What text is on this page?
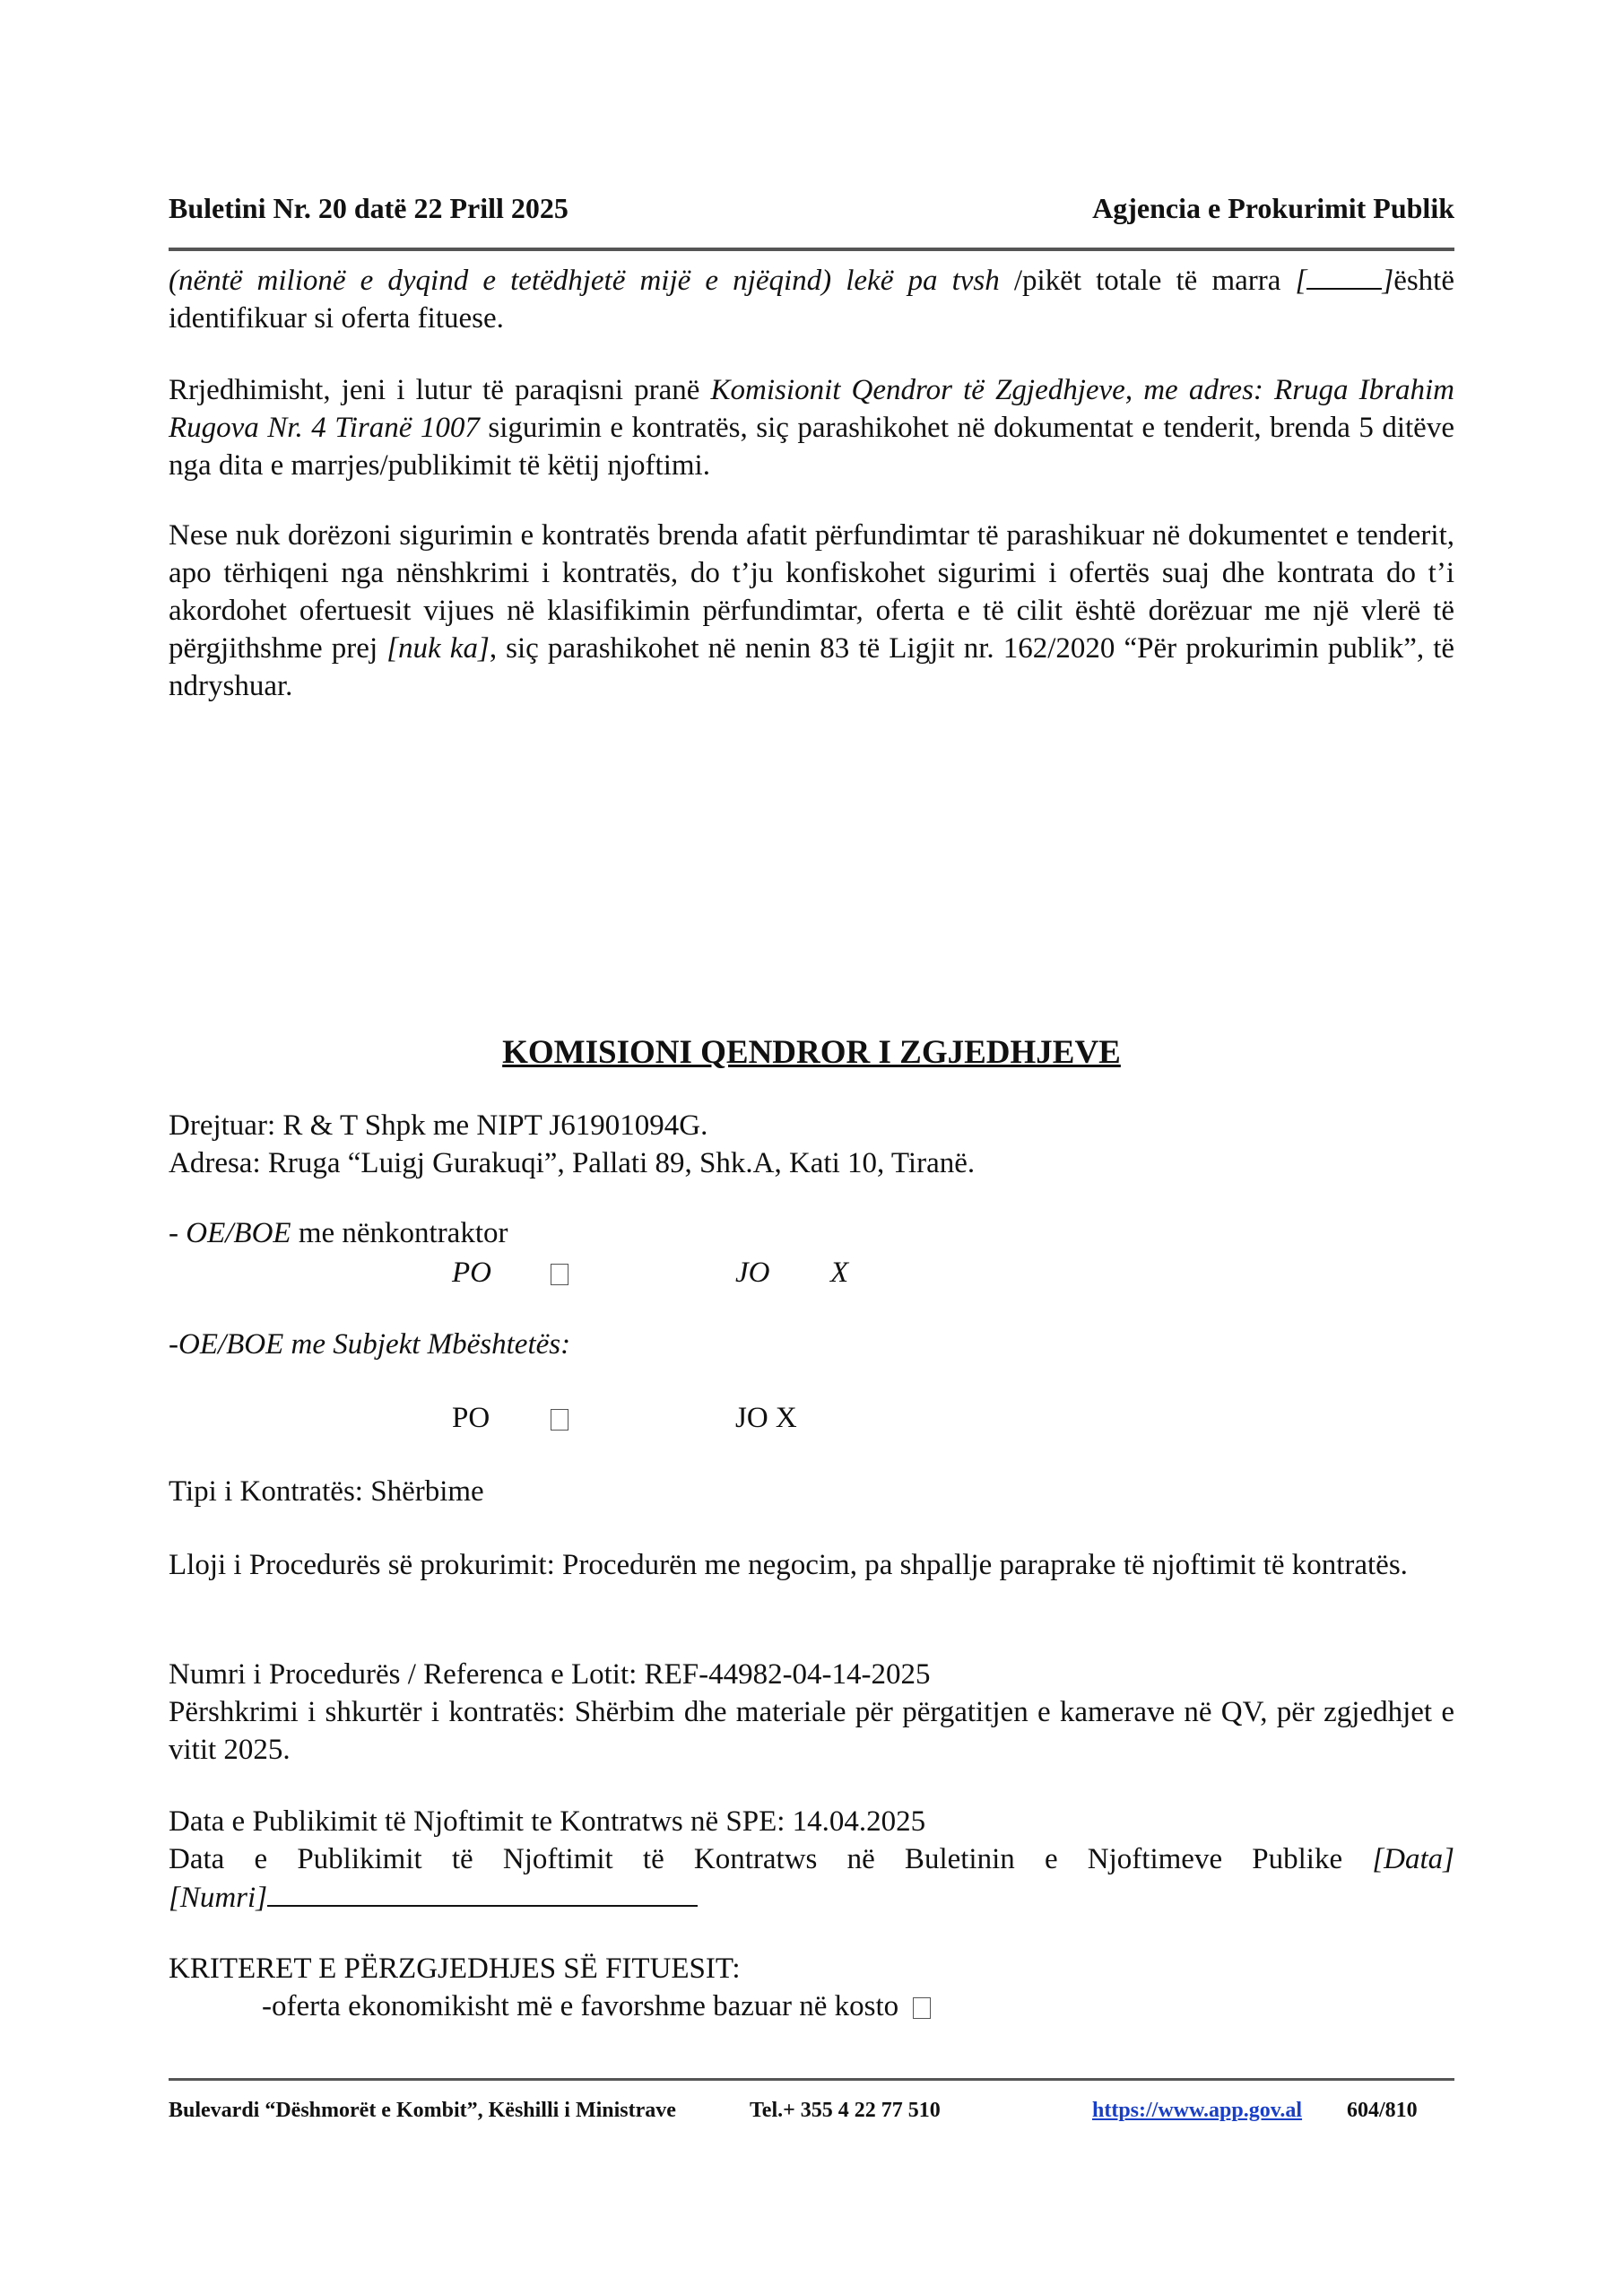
Buletini Nr. 20 datë 22 Prill 2025	Agjencia e Prokurimit Publik

(nëntë milionë e dyqind e tetëdhjetë mijë e njëqind) lekë pa tvsh /pikët totale të marra [	]është identifikuar si oferta fituese.

Rrjedhimisht, jeni i lutur të paraqisni pranë Komisionit Qendror të Zgjedhjeve, me adres: Rruga Ibrahim Rugova Nr. 4 Tiranë 1007 sigurimin e kontratës, siç parashikohet në dokumentat e tenderit, brenda 5 ditëve nga dita e marrjes/publikimit të këtij njoftimi.

Nese nuk dorëzoni sigurimin e kontratës brenda afatit përfundimtar të parashikuar në dokumentet e tenderit, apo tërhiqeni nga nënshkrimi i kontratës, do t’ju konfiskohet sigurimi i ofertës suaj dhe kontrata do t’i akordohet ofertuesit vijues në klasifikimin përfundimtar, oferta e të cilit është dorëzuar me një vlerë të përgjithshme prej [nuk ka], siç parashikohet në nenin 83 të Ligjit nr. 162/2020 “Për prokurimin publik”, të ndryshuar.

KOMISIONI QENDROR I ZGJEDHJEVE
Drejtuar: R & T Shpk me NIPT J61901094G.
Adresa: Rruga “Luigj Gurakuqi”, Pallati 89, Shk.A, Kati 10, Tiranë.
- OE/BOE me nënkontraktor
PO	JO X
-OE/BOE me Subjekt Mbështetës:
PO	JO X
Tipi i Kontratës: Shërbime

Lloji i Procedurës së prokurimit: Procedurën me negocim, pa shpallje paraprake të njoftimit të kontratës.

Numri i Procedurës / Referenca e Lotit: REF-44982-04-14-2025

Përshkrimi i shkurtër i kontratës: Shërbim dhe materiale për përgatitjen e kamerave në QV, për zgjedhjet e vitit 2025.

Data e Publikimit të Njoftimit te Kontratws në SPE: 14.04.2025

Data e Publikimit të Njoftimit të Kontratws në Buletinin e Njoftimeve Publike [Data]

[Numri]

KRITERET E PËRZGJEDHJES SË FITUESIT:
-oferta ekonomikisht më e favorshme bazuar në kosto
Bulevardi “Dëshmorët e Kombit”, Këshilli i Ministrave	Tel.+ 355 4 22 77 510	https://www.app.gov.al 604/810
